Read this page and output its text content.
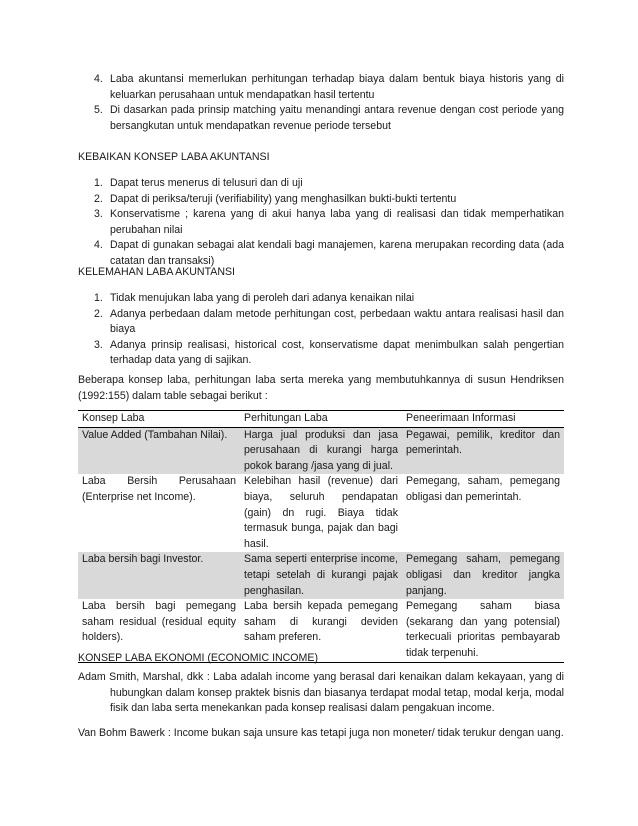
4. Laba akuntansi memerlukan perhitungan terhadap biaya dalam bentuk biaya historis yang di keluarkan perusahaan untuk mendapatkan hasil tertentu
5. Di dasarkan pada prinsip matching yaitu menandingi antara revenue dengan cost periode yang bersangkutan untuk mendapatkan revenue periode tersebut

KEBAIKAN KONSEP LABA AKUNTANSI

1. Dapat terus menerus di telusuri dan di uji
2. Dapat di periksa/teruji (verifiability) yang menghasilkan bukti-bukti tertentu
3. Konservatisme ; karena yang di akui hanya laba yang di realisasi dan tidak memperhatikan perubahan nilai
4. Dapat di gunakan sebagai alat kendali bagi manajemen, karena merupakan recording data (ada catatan dan transaksi)

KELEMAHAN LABA AKUNTANSI

1. Tidak menujukan laba yang di peroleh dari adanya kenaikan nilai
2. Adanya perbedaan dalam metode perhitungan cost, perbedaan waktu antara realisasi hasil dan biaya
3. Adanya prinsip realisasi, historical cost, konservatisme dapat menimbulkan salah pengertian terhadap data yang di sajikan.

Beberapa konsep laba, perhitungan laba serta mereka yang membutuhkannya di susun Hendriksen (1992:155) dalam table sebagai berikut :

Konsep Laba	Perhitungan Laba	Peneerimaan Informasi
Value Added (Tambahan Nilai).	Harga jual produksi dan jasa perusahaan di kurangi harga pokok barang /jasa yang di jual.	Pegawai, pemilik, kreditor dan pemerintah.
Laba Bersih Perusahaan (Enterprise net Income).	Kelebihan hasil (revenue) dari biaya, seluruh pendapatan (gain) dn rugi. Biaya tidak termasuk bunga, pajak dan bagi hasil.	Pemegang, saham, pemegang obligasi dan pemerintah.
Laba bersih bagi Investor.	Sama seperti enterprise income, tetapi setelah di kurangi pajak penghasilan.	Pemegang saham, pemegang obligasi dan kreditor jangka panjang.
Laba bersih bagi pemegang saham residual (residual equity holders).	Laba bersih kepada pemegang saham di kurangi deviden saham preferen.	Pemegang saham biasa (sekarang dan yang potensial) terkecuali prioritas pembayarab tidak terpenuhi.

KONSEP LABA EKONOMI (ECONOMIC INCOME)

Adam Smith, Marshal, dkk : Laba adalah income yang berasal dari kenaikan dalam kekayaan, yang di hubungkan dalam konsep praktek bisnis dan biasanya terdapat modal tetap, modal kerja, modal fisik dan laba serta menekankan pada konsep realisasi dalam pengakuan income.

Van Bohm Bawerk : Income bukan saja unsure kas tetapi juga non moneter/ tidak terukur dengan uang.
